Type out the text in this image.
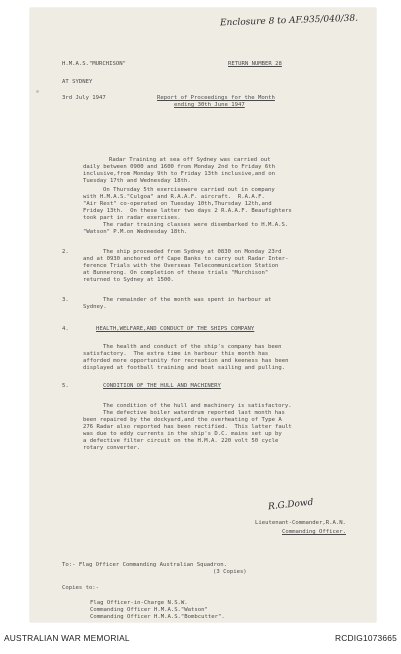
Enclosure 8 to AF.935/040/38.
H.M.A.S."MURCHISON"	RETURN NUMBER 28
AT SYDNEY
3rd July 1947	Report of Proceedings for the Month
ending 30th June 1947
Radar Training at sea off Sydney was carried out
daily between 0900 and 1600 from Monday 2nd to Friday 6th
inclusive,from Monday 9th to Friday 13th inclusive,and on
Tuesday 17th and Wednesday 18th.
On Thursday 5th exercisewere carried out in company
with H.M.A.S."Culgoa" and R.A.A.F. aircraft.  R.A.A.F.
"Air Rest" co-operated on Tuesday 10th,Thursday 12th,and
Friday 13th.  On these latter two days 2 R.A.A.F. Beaufighters
took part in radar exercises.
The radar training classes were disembarked to H.M.A.S.
"Watson" P.M.on Wednesday 18th.
2.	The ship proceeded from Sydney at 0830 on Monday 23rd
and at 0930 anchored off Cape Banks to carry out Radar Inter-
ference Trials with the Overseas Telecommunication Station
at Bunnerong. On completion of these trials "Murchison"
returned to Sydney at 1500.
3.	The remainder of the month was spent in harbour at
Sydney.
4.	HEALTH,WELFARE,AND CONDUCT OF THE SHIPS COMPANY
The health and conduct of the ship's company has been
satisfactory.  The extra time in harbour this month has
afforded more opportunity for recreation and keeness has been
displayed at football training and boat sailing and pulling.
5.	CONDITION OF THE HULL AND MACHINERY
The condition of the hull and machinery is satisfactory.
The defective boiler waterdrum reported last month has
been repaired by the dockyard,and the overheating of Type A
276 Radar also reported has been rectified.  This latter fault
was due to eddy currents in the ship's D.C. mains set up by
a defective filter circuit on the H.M.A. 220 volt 50 cycle
rotary converter.
R.G.Dowd
Lieutenant-Commander,R.A.N.
Commanding Officer.
To:- Flag Officer Commanding Australian Squadron.
(3 Copies)
Copies to:-
Flag Officer-in-Charge N.S.W.
Commanding Officer H.M.A.S."Watson"
Commanding Officer H.M.A.S."Bombcutter".
AUSTRALIAN WAR MEMORIAL	RCDIG1073665
